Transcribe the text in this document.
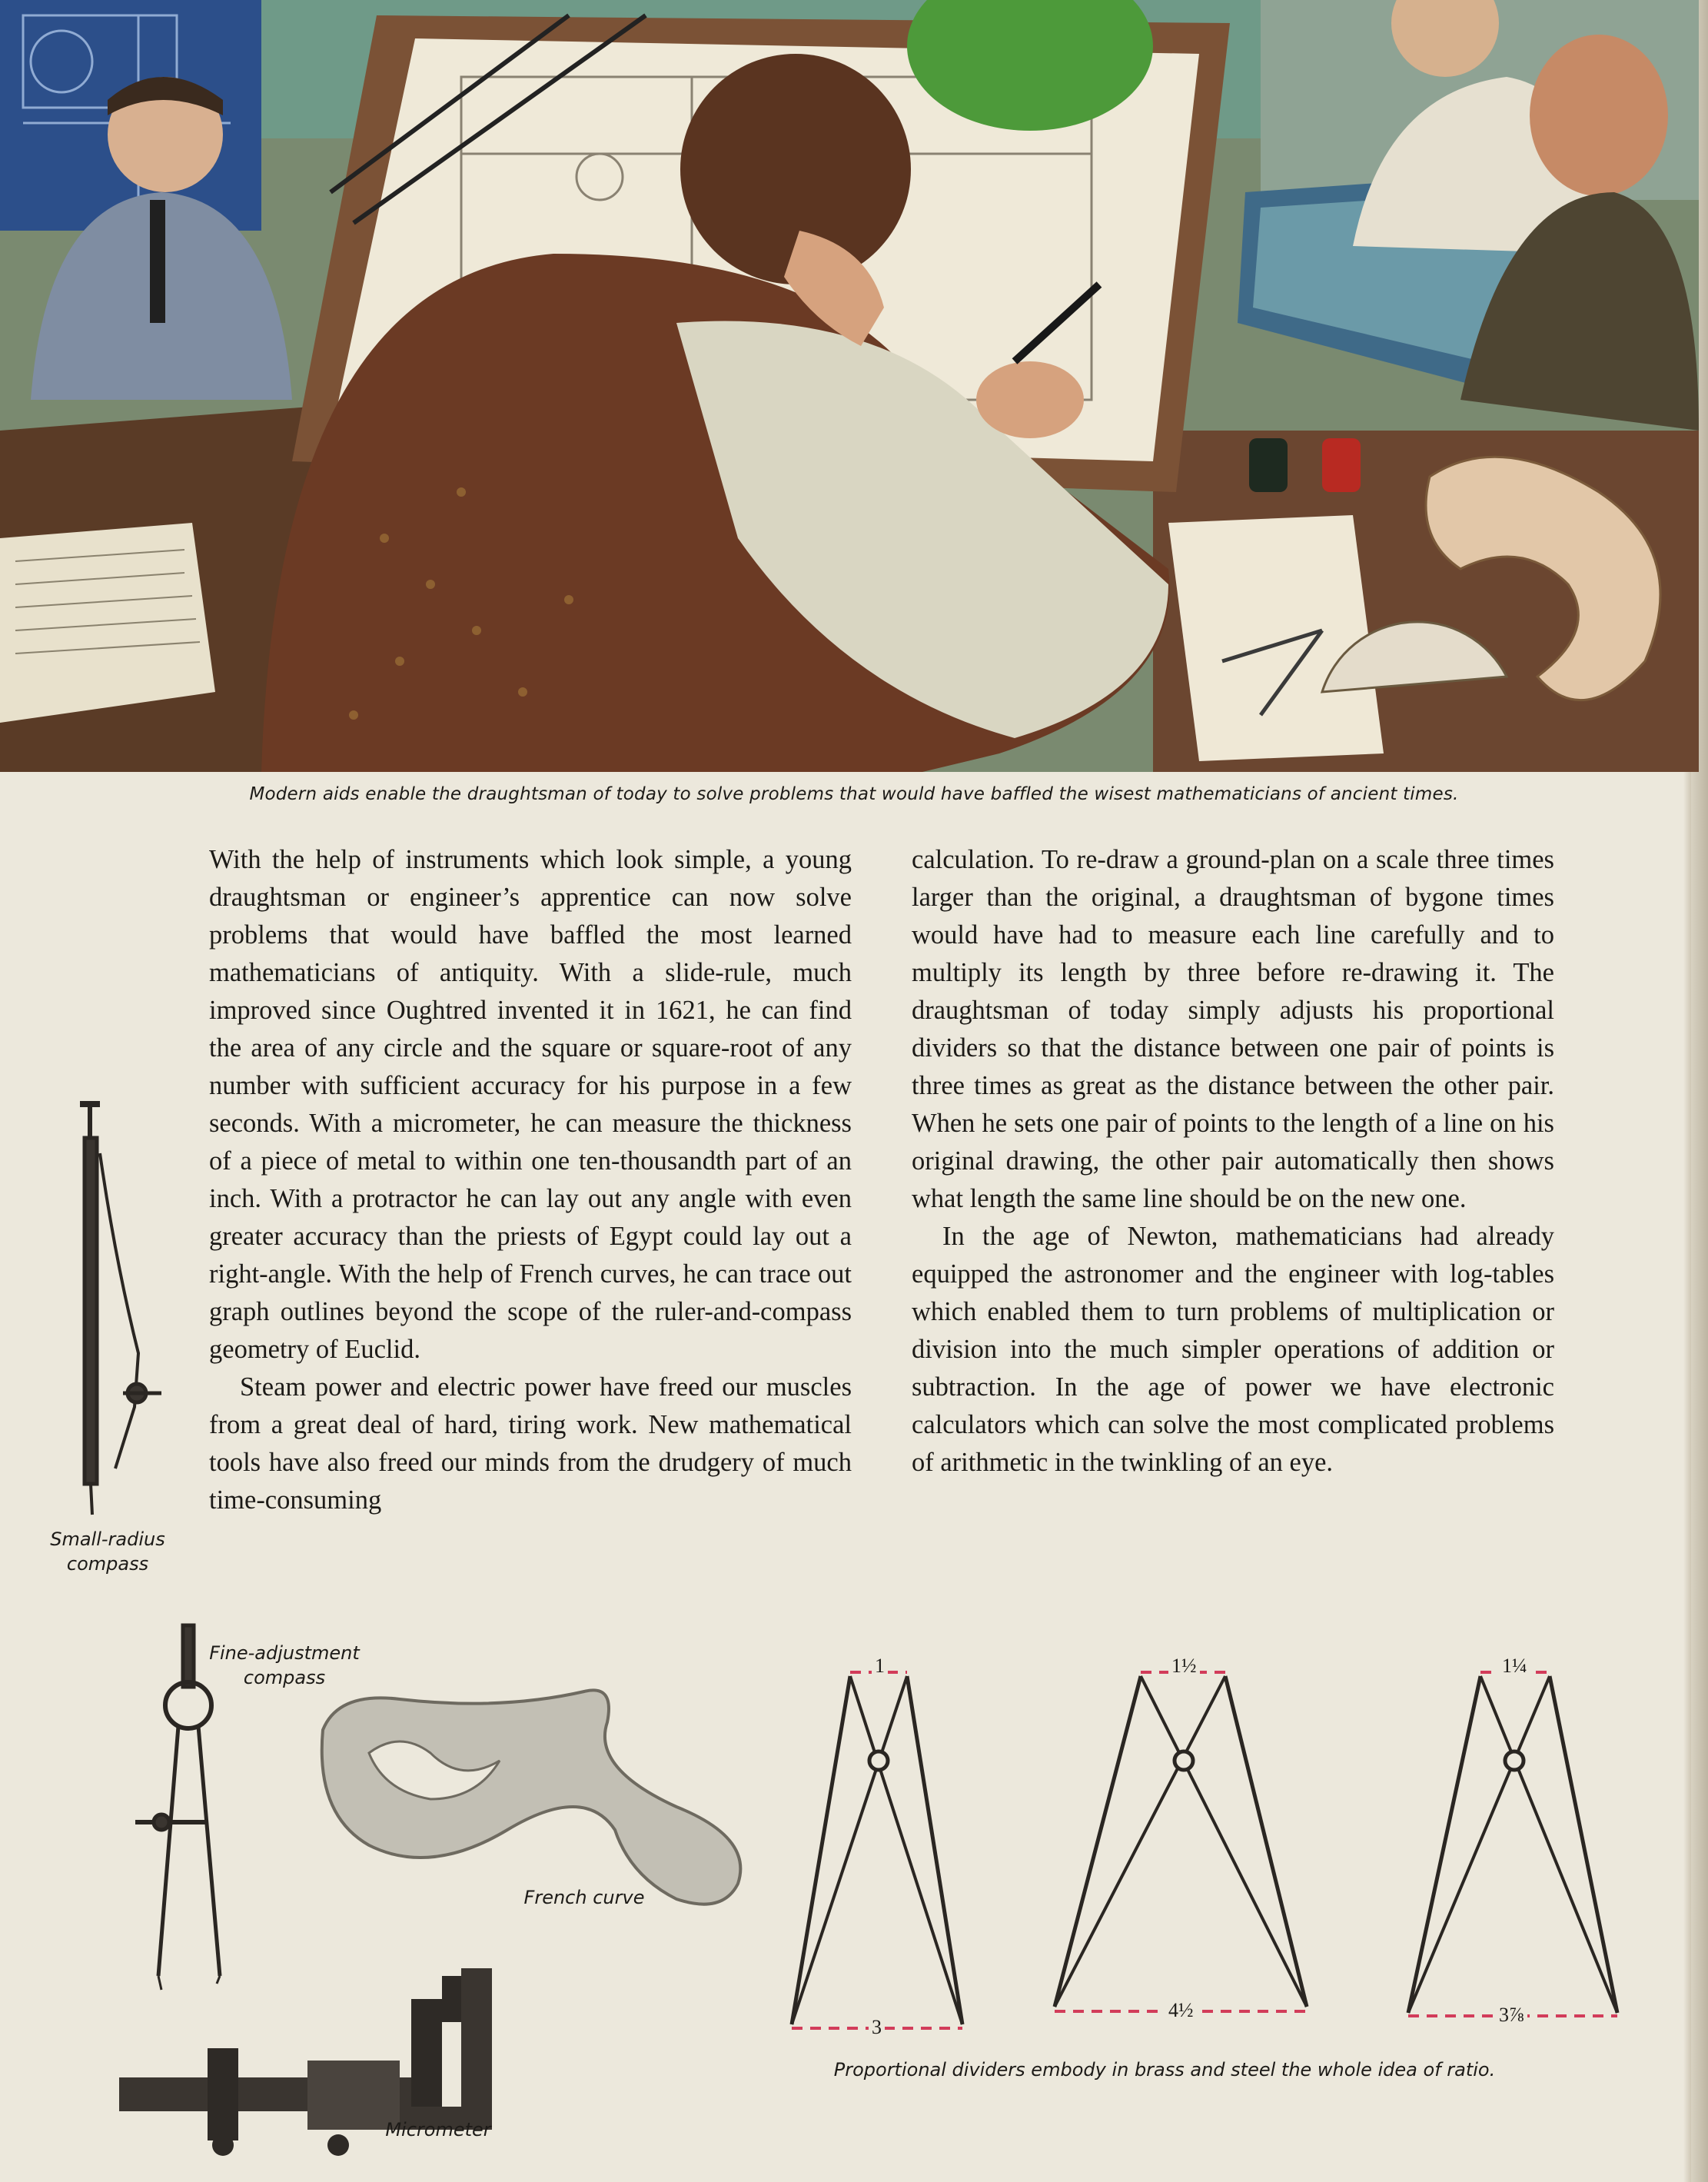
Modern aids enable the draughtsman of today to solve problems that would have baffled the wisest mathematicians of ancient times.

With the help of instruments which look simple, a young draughtsman or engineer’s apprentice can now solve problems that would have baffled the most learned mathematicians of antiquity. With a slide-rule, much improved since Oughtred invented it in 1621, he can find the area of any circle and the square or square-root of any number with sufficient accuracy for his purpose in a few seconds. With a micrometer, he can measure the thickness of a piece of metal to within one ten-thousandth part of an inch. With a protractor he can lay out any angle with even greater accuracy than the priests of Egypt could lay out a right-angle. With the help of French curves, he can trace out graph outlines beyond the scope of the ruler-and-compass geometry of Euclid.

Steam power and electric power have freed our muscles from a great deal of hard, tiring work. New mathematical tools have also freed our minds from the drudgery of much time-consuming

calculation. To re-draw a ground-plan on a scale three times larger than the original, a draughtsman of bygone times would have had to measure each line carefully and to multiply its length by three before re-drawing it. The draughtsman of today simply adjusts his proportional dividers so that the distance between one pair of points is three times as great as the distance between the other pair. When he sets one pair of points to the length of a line on his original drawing, the other pair automatically then shows what length the same line should be on the new one.

In the age of Newton, mathematicians had already equipped the astronomer and the engineer with log-tables which enabled them to turn problems of multiplication or division into the much simpler operations of addition or subtraction. In the age of power we have electronic calculators which can solve the most complicated problems of arithmetic in the twinkling of an eye.

Small-radius
compass
Fine-adjustment
compass
French curve
Micrometer
1
3
1½
4½
1¼
3⅞
Proportional dividers embody in brass and steel the whole idea of ratio.
